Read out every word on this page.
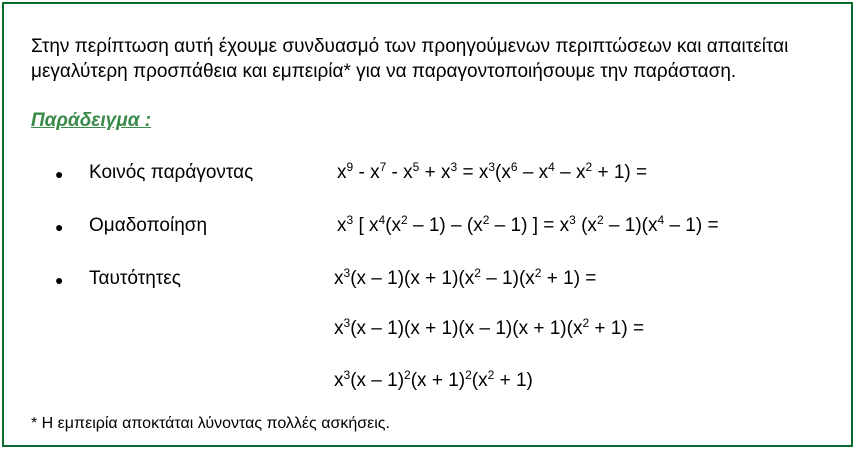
Στην περίπτωση αυτή έχουμε συνδυασμό των προηγούμενων περιπτώσεων και απαιτείται μεγαλύτερη προσπάθεια και εμπειρία* για να παραγοντοποιήσουμε την παράσταση.
Παράδειγμα :
● Κοινός παράγοντας	$x^9 - x^7 - x^5 + x^3 = x^3(x^6 - x^4 - x^2 + 1)$ =
● Ομαδοποίηση	$x^3$ [ $x^4(x^2 - 1) - (x^2 - 1)$ ] = $x^3$ $(x^2 - 1)(x^4 - 1)$ =
● Ταυτότητες	$x^3(x - 1)(x + 1)(x^2 - 1)(x^2 + 1)$ =
$x^3(x - 1)(x + 1)(x - 1)(x + 1)(x^2 + 1)$ =
$x^3(x - 1)^2(x + 1)^2(x^2 + 1)$
* Η εμπειρία αποκτάται λύνοντας πολλές ασκήσεις.
